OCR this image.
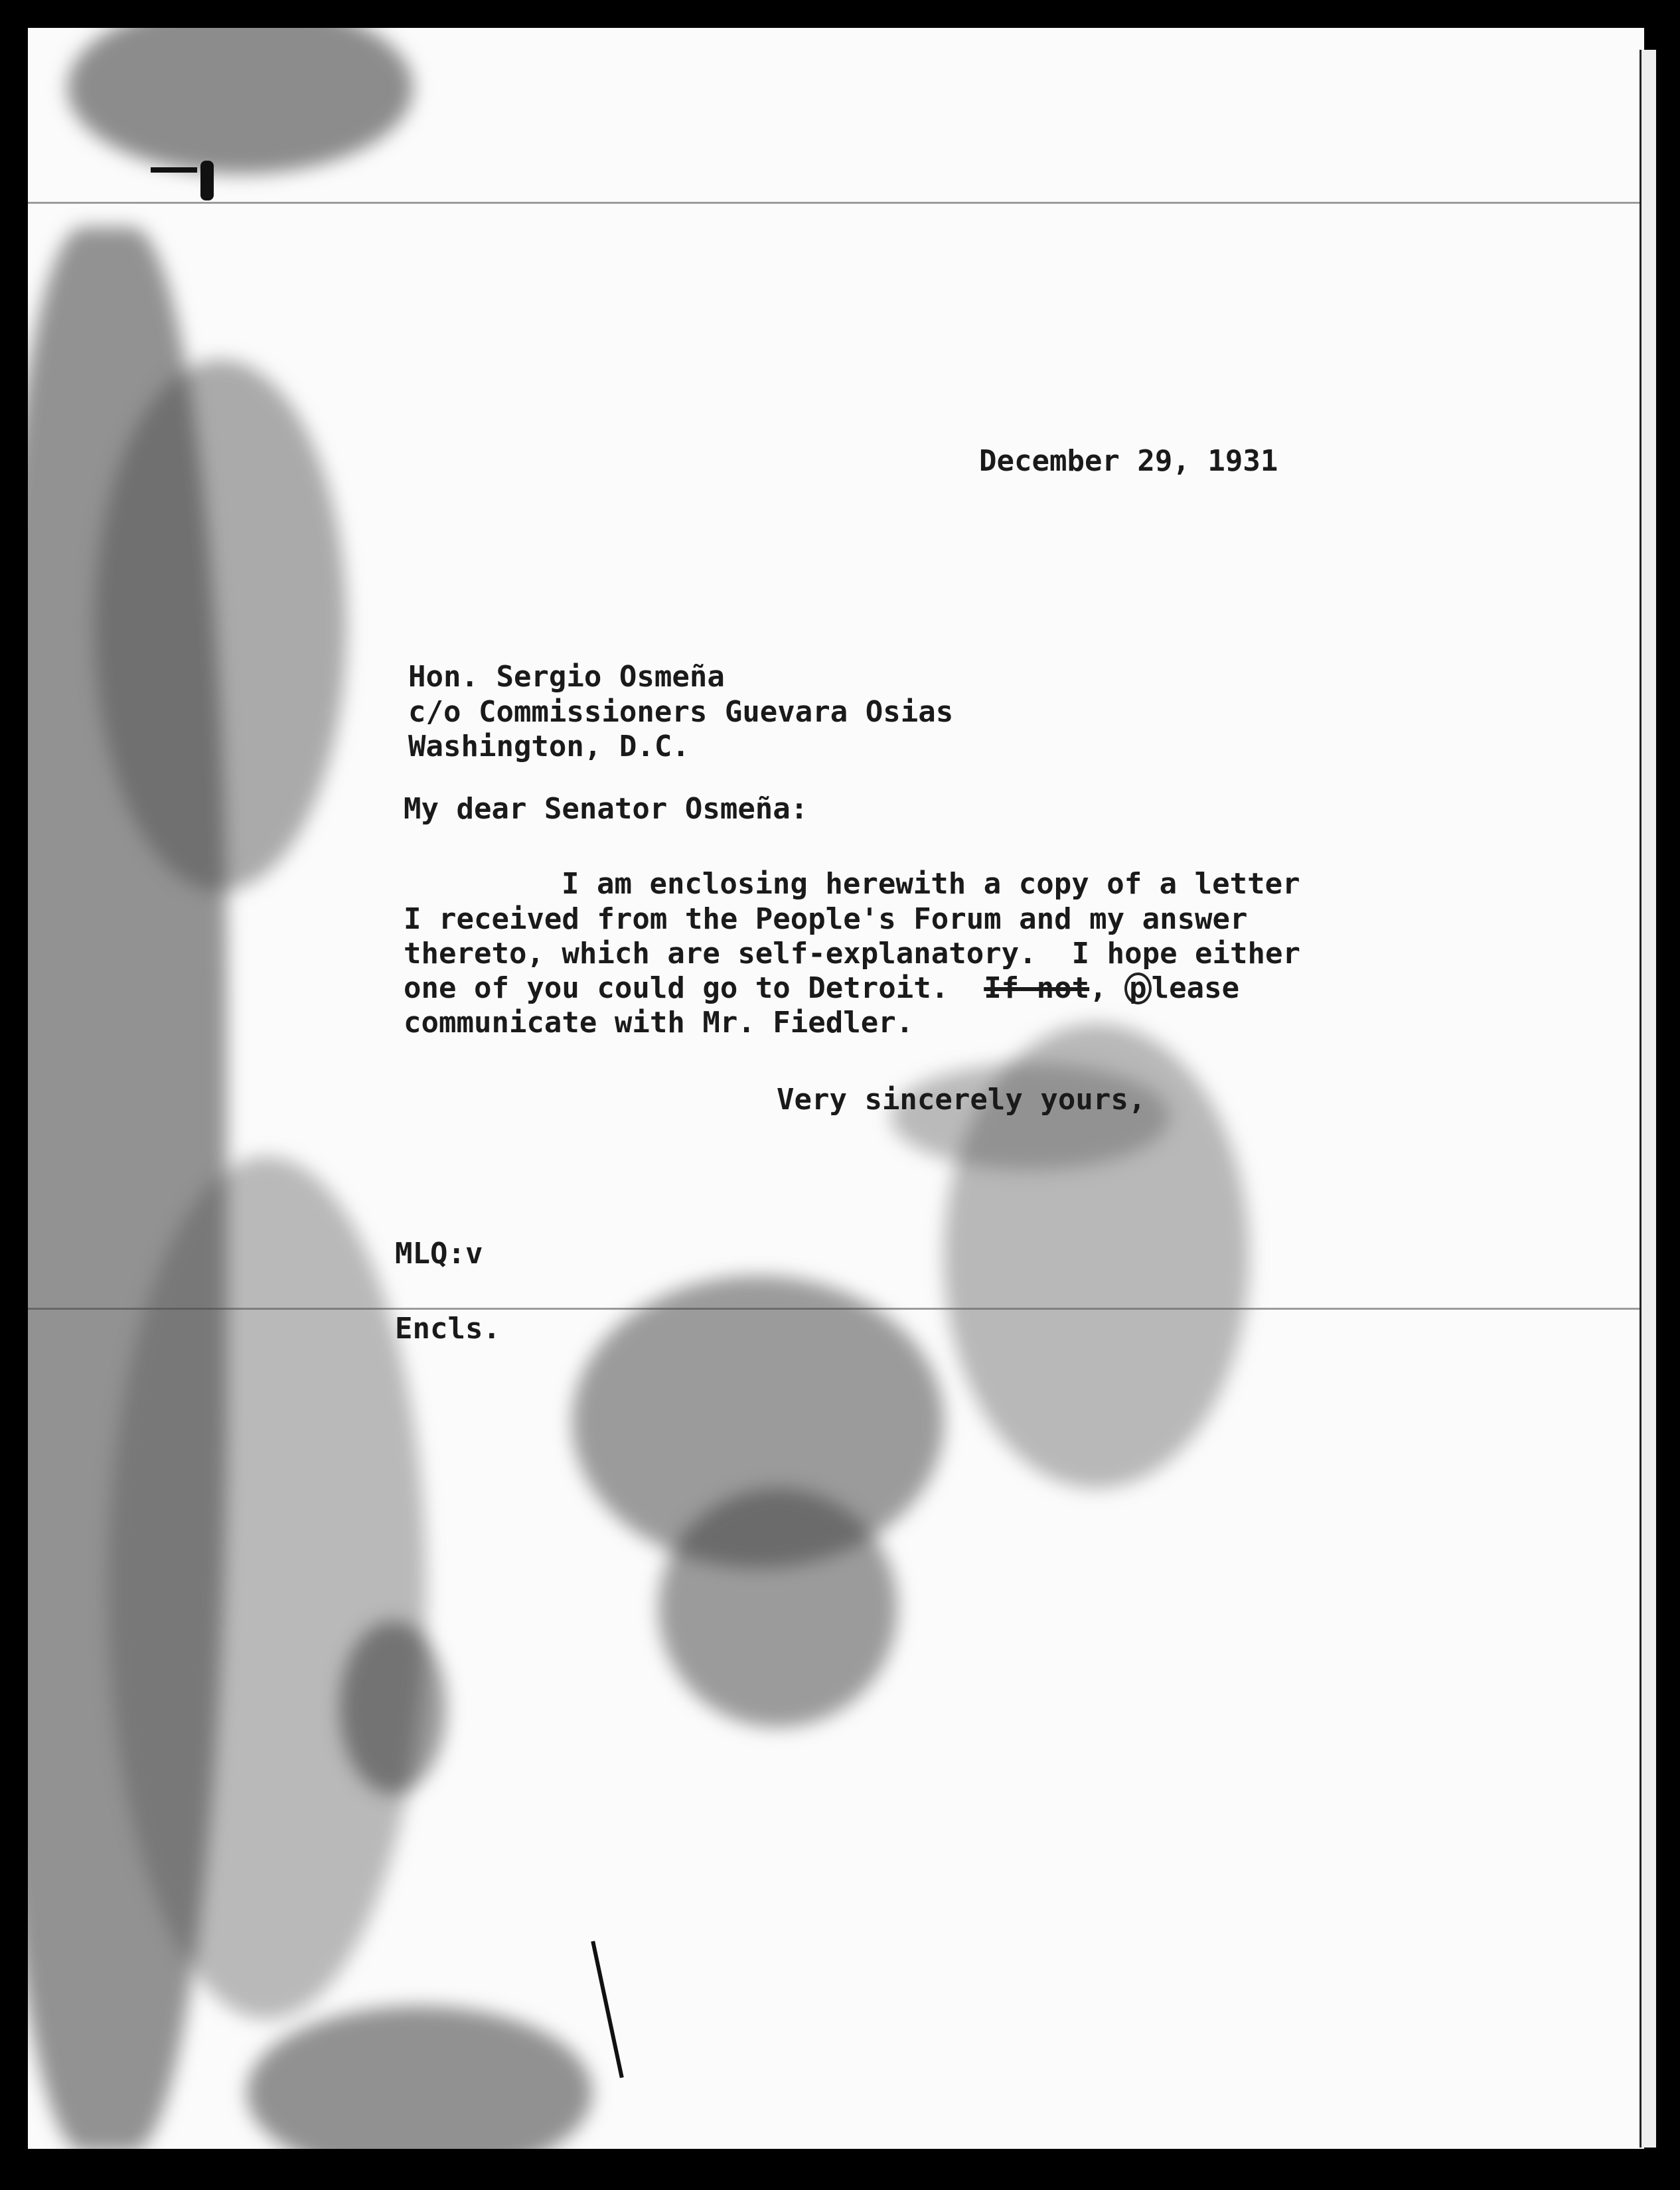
December 29, 1931

Hon. Sergio Osmeña

c/o Commissioners Guevara Osias

Washington, D.C.

My dear Senator Osmeña:

I am enclosing herewith a copy of a letter

I received from the People's Forum and my answer

thereto, which are self-explanatory.  I hope either

one of you could go to Detroit.  If not, p lease

communicate with Mr. Fiedler.

Very sincerely yours,

MLQ:v

Encls.
